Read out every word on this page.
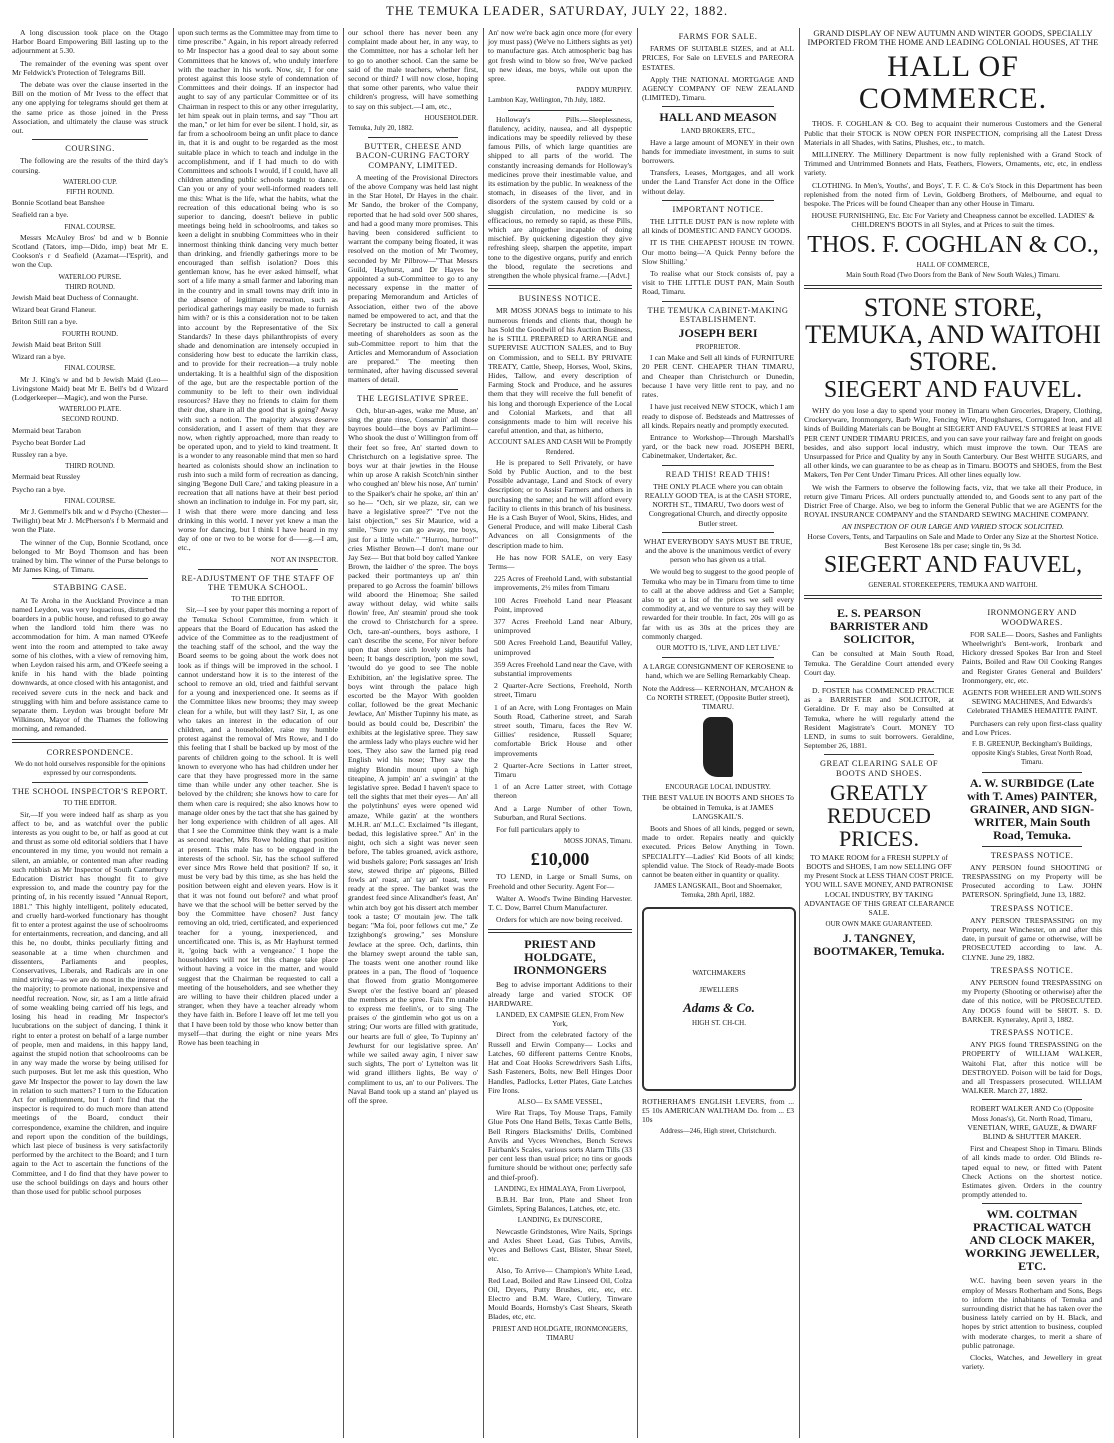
THE TEMUKA LEADER, SATURDAY, JULY 22, 1882.

A long discussion took place on the Otago Harbor Board Empowering Bill lasting up to the adjournment at 5.30.

The remainder of the evening was spent over Mr Feldwick's Protection of Telegrams Bill.

The debate was over the clause inserted in the Bill on the motion of Mr Ivess to the effect that any one applying for telegrams should get them at the same price as those joined in the Press Association, and ultimately the clause was struck out.

COURSING.

The following are the results of the third day's coursing.

WATERLOO CUP.
FIFTH ROUND.

Bonnie Scotland beat Banshee

Seafield ran a bye.

FINAL COURSE.

Messrs McAuley Bros' bd and w b Bonnie Scotland (Tators, imp—Dido, imp) beat Mr E. Cookson's r d Seafield (Azamat—l'Esprit), and won the Cup.

WATERLOO PURSE.
THIRD ROUND.

Jewish Maid beat Duchess of Connaught.

Wizard beat Grand Flaneur.

Briton Still ran a bye.

FOURTH ROUND.

Jewish Maid beat Briton Still

Wizard ran a bye.

FINAL COURSE.

Mr J. King's w and bd b Jewish Maid (Leo—Livingstone Maid) beat Mr E. Bell's bd d Wizard (Lodgerkeeper—Magic), and won the Purse.

WATERLOO PLATE.
SECOND ROUND.

Mermaid beat Tarabon

Psycho beat Border Lad

Russley ran a bye.

THIRD ROUND.

Mermaid beat Russley

Psycho ran a bye.

FINAL COURSE.

Mr J. Gemmell's blk and w d Psycho (Chester—Twilight) beat Mr J. McPherson's f b Mermaid and won the Plate.

The winner of the Cup, Bonnie Scotland, once belonged to Mr Boyd Thomson and has been trained by him. The winner of the Purse belongs to Mr James King, of Timaru.

STABBING CASE.

At Te Aroha in the Auckland Province a man named Leydon, was very loquacious, disturbed the boarders in a public house, and refused to go away when the landlord told him there was no accommodation for him. A man named O'Keefe went into the room and attempted to take away some of his clothes, with a view of removing him, when Leydon raised his arm, and O'Keefe seeing a knife in his hand with the blade pointing downwards, at once closed with his antagonist, and received severe cuts in the neck and back and struggling with him and before assistance came to separate them. Leydon was brought before Mr Wilkinson, Mayor of the Thames the following morning, and remanded.

CORRESPONDENCE.
We do not hold ourselves responsible for the opinions expressed by our correspondents.
THE SCHOOL INSPECTOR'S REPORT.
TO THE EDITOR.

Sir,—If you were indeed half as sharp as you affect to be, and as watchful over the public interests as you ought to be, or half as good at cut and thrust as some old editorial soldiers that I have encountered in my time, you would not remain a silent, an amiable, or contented man after reading such rubbish as Mr Inspector of South Canterbury Education District has thought fit to give expression to, and made the country pay for the printing of, in his recently issued "Annual Report, 1881." This highly intelligent, politely educated, and cruelly hard-worked functionary has thought fit to enter a protest against the use of schoolrooms for entertainments, recreation, and dancing, and all this he, no doubt, thinks peculiarly fitting and seasonable at a time when churchmen and dissenters, Parliaments and peoples, Conservatives, Liberals, and Radicals are in one mind striving—as we are do most in the interest of the majority; to promote national, inexpensive and needful recreation. Now, sir, as I am a little afraid of some weakling being carried off his legs, and losing his head in reading Mr Inspector's lucubrations on the subject of dancing, I think it right to enter a protest on behalf of a large number of people, men and maidens, in this happy land, against the stupid notion that schoolrooms can be in any way made the worse by being utilised for such purposes. But let me ask this question, Who gave Mr Inspector the power to lay down the law in relation to such matters? I turn to the Education Act for enlightenment, but I don't find that the inspector is required to do much more than attend meetings of the Board, conduct their correspondence, examine the children, and inquire and report upon the condition of the buildings, which last piece of business is very satisfactorily performed by the architect to the Board; and I turn again to the Act to ascertain the functions of the Committee, and I do find that they have power to use the school buildings on days and hours other than those used for public school purposes

upon such terms as the Committee may from time to time prescribe." Again, in his report already referred to Mr Inspector has a good deal to say about some Committees that he knows of, who unduly interfere with the teacher in his work. Now, sir, I for one protest against this loose style of condemnation of Committees and their doings. If an inspector had aught to say of any particular Committee or of its Chairman in respect to this or any other irregularity, let him speak out in plain terms, and say "Thou art the man," or let him for ever be silent. I hold, sir, as far from a schoolroom being an unfit place to dance in, that it is and ought to be regarded as the most suitable place in which to teach and indulge in the accomplishment, and if I had much to do with Committees and schools I would, if I could, have all children attending public schools taught to dance. Can you or any of your well-informed readers tell me this: What is the life, what the habits, what the recreation of this educational being who is so superior to dancing, doesn't believe in public meetings being held in schoolrooms, and takes so keen a delight in snubbing Committees who in their innermost thinking think dancing very much better than drinking, and friendly gatherings more to be encouraged than selfish isolation? Does this gentleman know, has he ever asked himself, what sort of a life many a small farmer and laboring man in the country and in small towns may drift into in the absence of legitimate recreation, such as periodical gatherings may easily be made to furnish him with? or is this a consideration not to be taken into account by the Representative of the Six Standards? In these days philanthropists of every shade and denomination are intensely occupied in considering how best to educate the larrikin class, and to provide for their recreation—a truly noble undertaking. It is a healthful sign of the disposition of the age, but are the respectable portion of the community to be left to their own individual resources? Have they no friends to claim for them their due, share in all the good that is going? Away with such a notion. The majority always deserve consideration, and I assert of them that they are now, when rightly approached, more than ready to be operated upon, and to yield to kind treatment. It is a wonder to any reasonable mind that men so hard hearted as colonists should show an inclination to rush into such a mild form of recreation as dancing, singing 'Begone Dull Care,' and taking pleasure in a recreation that all nations have at their best period shown an inclination to indulge in. For my part, sir, I wish that there were more dancing and less drinking in this world. I never yet knew a man the worse for dancing, but I think I have heard in my day of one or two to be worse for d——g.—I am, etc.,

NOT AN INSPECTOR.
RE-ADJUSTMENT OF THE STAFF OF THE TEMUKA SCHOOL.
TO THE EDITOR.

Sir,—I see by your paper this morning a report of the Temuka School Committee, from which it appears that the Board of Education has asked the advice of the Committee as to the readjustment of the teaching staff of the school, and the way the Board seems to be going about the work does not look as if things will be improved in the school. I cannot understand how it is to the interest of the school to remove an old, tried and faithful servant for a young and inexperienced one. It seems as if the Committee likes new brooms; they may sweep clean for a while, but will they last? Sir, I, as one who takes an interest in the education of our children, and a householder, raise my humble protest against the removal of Mrs Rowe, and I do this feeling that I shall be backed up by most of the parents of children going to the school. It is well known to everyone who has had children under her care that they have progressed more in the same time than while under any other teacher. She is beloved by the children; she knows how to care for them when care is required; she also knows how to manage older ones by the tact that she has gained by her long experience with children of all ages. All that I see the Committee think they want is a male as second teacher, Mrs Rowe holding that position at present. This male has to be engaged in the interests of the school. Sir, has the school suffered ever since Mrs Rowe held that position? If so, it must be very bad by this time, as she has held the position between eight and eleven years. How is it that it was not found out before? and what proof have we that the school will be better served by the boy the Committee have chosen? Just fancy removing an old, tried, certificated, and experienced teacher for a young, inexperienced, and uncertificated one. This is, as Mr Hayhurst termed it, 'going back with a vengeance.' I hope the householders will not let this change take place without having a voice in the matter, and would suggest that the Chairman be requested to call a meeting of the householders, and see whether they are willing to have their children placed under a stranger, when they have a teacher already whom they have faith in. Before I leave off let me tell you that I have been told by those who know better than myself—that during the eight or nine years Mrs Rowe has been teaching in

our school there has never been any complaint made about her, in any way, to the Committee, nor has a scholar left her to go to another school. Can the same be said of the male teachers, whether first, second or third? I will now close, hoping that some other parents, who value their children's progress, will have something to say on this subject.—I am, etc.,

HOUSEHOLDER.
Temuka, July 20, 1882.
BUTTER, CHEESE AND BACON-CURING FACTORY COMPANY, LIMITED.

A meeting of the Provisional Directors of the above Company was held last night in the Star Hotel, Dr Hayes in the chair. Mr Sando, the broker of the Company, reported that he had sold over 500 shares, and had a good many more promises. This having been considered sufficient to warrant the company being floated, it was resolved on the motion of Mr Twomey, seconded by Mr Pilbrow—"That Messrs Guild, Hayhurst, and Dr Hayes be appointed a sub-Committee to go to any necessary expense in the matter of preparing Memorandum and Articles of Association, either two of the above named be empowered to act, and that the Secretary be instructed to call a general meeting of shareholders as soon as the sub-Committee report to him that the Articles and Memorandum of Association are prepared." The meeting then terminated, after having discussed several matters of detail.

THE LEGISLATIVE SPREE.

Och, blur-an-ages, wake me Muse, an' sing the grate rinse, Consarnin' all those bayroes bould—the boys av Parlimint— Who shook the dust o' Willington from off their feet so free, An' started down to Christchurch on a legislative spree. The boys wur at thair jewties in the House whin up arose A rakish Scotch'nin sinther who coughed an' blew his nose, An' turnin' to the Spaiker's chair he spoke, an' thin an' so he— "Och, sir we plaze, sir, can we have a legislative spree?" "I've not the laist objection," ses Sir Maurice, wid a smile, "Sure yo can go away, me boys, just for a little while." "Hurroo, hurroo!" cries Misther Brown—I don't mane our Jay Sez— But that bold boy called Yankee Brown, the laidher o' the spree. The boys packed their portmanteys up an' thin prepared to go Across the foamin' billows wild aboord the Hinemoa; She sailed away without delay, wid white sails flowin' free, An' steamin' proud she took the crowd to Christchurch for a spree. Och, tare-an'-ounthers, boys asthore, I can't describe the scene, For niver before upon that shore sich lovely sights had been; It bangs description, 'pon me sowl, 'twould do ye good to see The noble Exhibition, an' the legislative spree. The boys wint through the palace high escorted be the Mayor With goolden collar, followed be the great Mechanic Jewlace, An' Misther Tupinny his mate, as bould as bould could be, Describin' the exhibits at the legislative spree. They saw the armless lady who plays euchre wid her toes, They also saw the larned pig read English wid his nose; They saw the mighty Blondin mount upon a high titeapine, A jumpin' an' a swingin' at the legislative spree. Bedad I haven't space to tell the sights that met their eyes— An' all the polytinhuns' eyes were opened wid amaze, While gazin' at the wonthers M.H.R. an' M.L.C. Exclaimed "Is illegant, bedad, this legislative spree." An' in the night, och sich a sight was never seen before, The tables groaned, avick asthore, wid bushels galore; Pork sassages an' Irish stew, stewed thripe an' pigeons, Billed fowls an' roast, an' tay an' toast, were ready at the spree. The banket was the grandest feed since Alixandher's feast, An' whin atch boy got his dissert atch member took a taste; O' moutain jew. The talk began: "Ma foi, poor fellows cut me," Ze Izzighbong's growing," ses Monslure Jewlace at the spree. Och, darlints, thin the blarney swept around the table san, The toasts went one another round like pratees in a pan, The flood of 'loquence that flowed from gratio Montgomeree Swept o'er the festive board an' pleased the members at the spree. Faix I'm unable to express me feelin's, or to sing The praises o' the gintlemin who got us on a string; Our worts are filled with gratitude, our hearts are full o' glee, To Tupinny an' Jewhurst for our legislative spree. An' while we sailed away agin, I niver saw such sights, The port o' Lyttelton was lit wid grand illithers lights, Be way o' compliment to us, an' to our Polivers. The Naval Band took up a stand an' played us off the spree.

An' now we're back agin once more (for every joy must pass) (We've no Litthers sights as yet) to manufacture gas. Atch atmospheric bag has got fresh wind to blow so free, We've packed up new ideas, me boys, while out upon the spree.

PADDY MURPHY.
Lambton Kay, Wellington, 7th July, 1882.

Holloway's Pills.—Sleeplessness, flatulency, acidity, nausea, and all dyspeptic indications may be speedily relieved by these famous Pills, of which large quantities are shipped to all parts of the world. The constantly increasing demands for Holloway's medicines prove their inestimable value, and its estimation by the public. In weakness of the stomach, in diseases of the liver, and in disorders of the system caused by cold or a sluggish circulation, no medicine is so efficacious, no remedy so rapid, as these Pills, which are altogether incapable of doing mischief. By quickening digestion they give refreshing sleep, sharpen the appetite, impart tone to the digestive organs, purify and enrich the blood, regulate the secretions and strengthen the whole physical frame.—[Advt.]

BUSINESS NOTICE.

MR MOSS JONAS begs to intimate to his numerous friends and clients that, though he has Sold the Goodwill of his Auction Business, he is STILL PREPARED to ARRANGE and SUPERVISE AUCTION SALES, and to Buy on Commission, and to SELL BY PRIVATE TREATY, Cattle, Sheep, Horses, Wool, Skins, Hides, Tallow, and every description of Farming Stock and Produce, and he assures them that they will receive the full benefit of his long and thorough Experience of the Local and Colonial Markets, and that all consignments made to him will receive his careful attention, and that, as hitherto,

ACCOUNT SALES AND CASH Will be Promptly Rendered.

He is prepared to Sell Privately, or have Sold by Public Auction, and to the best Possible advantage, Land and Stock of every description; or to Assist Farmers and others in purchasing the same; and he will afford every facility to clients in this branch of his business. He is a Cash Buyer of Wool, Skins, Hides, and General Produce, and will make Liberal Cash Advances on all Consignments of the description made to him.

He has now FOR SALE, on very Easy Terms—

225 Acres of Freehold Land, with substantial improvements, 2½ miles from Timaru

100 Acres Freehold Land near Pleasant Point, improved

377 Acres Freehold Land near Albury, unimproved

500 Acres Freehold Land, Beautiful Valley, unimproved

359 Acres Freehold Land near the Cave, with substantial improvements

2 Quarter-Acre Sections, Freehold, North street, Timaru

1 of an Acre, with Long Frontages on Main South Road, Catherine street, and Sarah street south, Timaru, faces the Rev W. Gillies' residence, Russell Square; comfortable Brick House and other improvements

2 Quarter-Acre Sections in Latter street, Timaru

1 of an Acre Latter street, with Cottage thereon

And a Large Number of other Town, Suburban, and Rural Sections.

For full particulars apply to

MOSS JONAS, Timaru.
£10,000

TO LEND, in Large or Small Sums, on Freehold and other Security. Agent For—

Walter A. Wood's Twine Binding Harvester. T. C. Dow, Barrel Churn Manufacturer.

Orders for which are now being received.

PRIEST AND HOLDGATE, IRONMONGERS

Beg to advise important Additions to their already large and varied STOCK OF HARDWARE.

LANDED, EX CAMPSIE GLEN, From New York,

Direct from the celebrated factory of the Russell and Erwin Company— Locks and Latches, 60 different patterns Centre Knobs, Hat and Coat Hooks Screwdrivers Sash Lifts, Sash Fasteners, Bolts, new Bell Hinges Door Handles, Padlocks, Letter Plates, Gate Latches Fire Irons.

ALSO— Ex SAME VESSEL,

Wire Rat Traps, Toy Mouse Traps, Family Glue Pots One Hand Bells, Texas Cattle Bells, Bell Ringers Blacksmiths' Drills, Combined Anvils and Vyces Wrenches, Bench Screws Fairbank's Scales, various sorts Alarm Tills (33 per cent less than usual price; no tins or goods furniture should be without one; perfectly safe and thief-proof).

LANDING, Ex HIMALAYA, From Liverpool,

B.B.H. Bar Iron, Plate and Sheet Iron Gimlets, Spring Balances, Latches, etc, etc.

LANDING, Ex DUNSCORE,

Newcastle Grindstones, Wire Nails, Springs and Axles Sheet Lead, Gas Tubes, Anvils, Vyces and Bellows Cast, Blister, Shear Steel, etc.

Also, To Arrive— Champion's White Lead, Red Lead, Boiled and Raw Linseed Oil, Colza Oil, Dryers, Putty Brushes, etc, etc, etc. Electro and B.M. Ware, Cutlery, Tinware Mould Boards, Hornsby's Cast Shears, Skeath Blades, etc, etc.

PRIEST AND HOLDGATE, IRONMONGERS, TIMARU
FARMS FOR SALE.

FARMS OF SUITABLE SIZES, and at ALL PRICES, For Sale on LEVELS and PAREORA ESTATES.

Apply THE NATIONAL MORTGAGE AND AGENCY COMPANY OF NEW ZEALAND (LIMITED), Timaru.

HALL AND MEASON
LAND BROKERS, ETC.,

Have a large amount of MONEY in their own hands for immediate investment, in sums to suit borrowers.

Transfers, Leases, Mortgages, and all work under the Land Transfer Act done in the Office without delay.

IMPORTANT NOTICE.

THE LITTLE DUST PAN is now replete with all kinds of DOMESTIC AND FANCY GOODS.

IT IS THE CHEAPEST HOUSE IN TOWN. Our motto being—'A Quick Penny before the Slow Shilling.'

To realise what our Stock consists of, pay a visit to THE LITTLE DUST PAN, Main South Road, Timaru.

THE TEMUKA CABINET-MAKING ESTABLISHMENT.
JOSEPH BERI
PROPRIETOR.

I can Make and Sell all kinds of FURNITURE 20 PER CENT. CHEAPER THAN TIMARU, and Cheaper than Christchurch or Dunedin, because I have very little rent to pay, and no rates.

I have just received NEW STOCK, which I am ready to dispose of. Bedsteads and Mattresses of all kinds. Repairs neatly and promptly executed.

Entrance to Workshop—Through Marshall's yard, or the back new road. JOSEPH BERI, Cabinetmaker, Undertaker, &c.

READ THIS! READ THIS!

THE ONLY PLACE where you can obtain REALLY GOOD TEA, is at the CASH STORE, NORTH ST., TIMARU, Two doors west of Congregational Church, and directly opposite Butler street.

WHAT EVERYBODY SAYS MUST BE TRUE, and the above is the unanimous verdict of every person who has given us a trial.

We would beg to suggest to the good people of Temuka who may be in Timaru from time to time to call at the above address and Get a Sample; also to get a list of the prices we sell every commodity at, and we venture to say they will be rewarded for their trouble. In fact, 20s will go as far with us as 30s at the prices they are commonly charged.

OUR MOTTO IS, 'LIVE, AND LET LIVE.'

A LARGE CONSIGNMENT OF KEROSENE to hand, which we are Selling Remarkably Cheap.

Note the Address— KERNOHAN, M'CAHON & Co NORTH STREET, (Opposite Butler street), TIMARU.

ENCOURAGE LOCAL INDUSTRY.

THE BEST VALUE IN BOOTS AND SHOES To be obtained in Temuka, is at JAMES LANGSKAIL'S.

Boots and Shoes of all kinds, pegged or sewn, made to order. Repairs neatly and quickly executed. Prices Below Anything in Town. SPECIALITY—Ladies' Kid Boots of all kinds; splendid value. The Stock of Ready-made Boots cannot be beaten either in quantity or quality.

JAMES LANGSKAIL, Boot and Shoemaker, Temuka, 28th April, 1882.
WATCHMAKERS
JEWELLERS
Adams & Co.
HIGH ST. CH-CH.

ROTHERHAM'S ENGLISH LEVERS, from ... £5 10s AMERICAN WALTHAM Do. from ... £3 10s

Address—246, High street, Christchurch.
GRAND DISPLAY OF NEW AUTUMN AND WINTER GOODS, SPECIALLY IMPORTED FROM THE HOME AND LEADING COLONIAL HOUSES, AT THE
HALL OF COMMERCE.

THOS. F. COGHLAN & CO. Beg to acquaint their numerous Customers and the General Public that their STOCK is NOW OPEN FOR INSPECTION, comprising all the Latest Dress Materials in all Shades, with Satins, Plushes, etc., to match.

MILLINERY. The Millinery Department is now fully replenished with a Grand Stock of Trimmed and Untrimmed Bonnets and Hats, Feathers, Flowers, Ornaments, etc, etc, in endless variety.

CLOTHING. In Men's, Youths', and Boys', T. F. C. & Co's Stock in this Department has been replenished from the noted firm of Levin, Goldberg Brothers, of Melbourne, and equal to bespoke. The Prices will be found Cheaper than any other House in Timaru.

HOUSE FURNISHING, Etc. Etc For Variety and Cheapness cannot be excelled. LADIES' & CHILDREN'S BOOTS in all Styles, and at Prices to suit the times.

THOS. F. COGHLAN & CO.,
HALL OF COMMERCE,
Main South Road (Two Doors from the Bank of New South Wales,) Timaru.
STONE STORE, TEMUKA, AND WAITOHI STORE.
SIEGERT AND FAUVEL.

WHY do you lose a day to spend your money in Timaru when Groceries, Drapery, Clothing, Crockeryware, Ironmongery, Barb Wire, Fencing Wire, Ploughshares, Corrugated Iron, and all kinds of Building Materials can be Bought at SIEGERT AND FAUVEL'S STORES at least FIVE PER CENT UNDER TIMARU PRICES, and you can save your railway fare and freight on goods besides, and also support local industry, which must improve the town. Our TEAS are Unsurpassed for Price and Quality by any in South Canterbury. Our Best WHITE SUGARS, and all other kinds, we can guarantee to be as cheap as in Timaru. BOOTS and SHOES, from the Best Makers, Ten Per Cent Under Timaru Prices. All other lines equally low.

We wish the Farmers to observe the following facts, viz, that we take all their Produce, in return give Timaru Prices. All orders punctually attended to, and Goods sent to any part of the District Free of Charge. Also, we beg to inform the General Public that we are AGENTS for the ROYAL INSURANCE COMPANY and the STANDARD SEWING MACHINE COMPANY.

AN INSPECTION OF OUR LARGE AND VARIED STOCK SOLICITED.

Horse Covers, Tents, and Tarpaulins on Sale and Made to Order any Size at the Shortest Notice. Best Kerosene 18s per case; single tin, 9s 3d.

SIEGERT AND FAUVEL,
GENERAL STOREKEEPERS, TEMUKA AND WAITOHI.
E. S. PEARSON BARRISTER AND SOLICITOR,

Can be consulted at Main South Road, Temuka. The Geraldine Court attended every Court day.

D. FOSTER has COMMENCED PRACTICE as a BARRISTER and SOLICITOR, at Geraldine. Dr F. may also be Consulted at Temuka, where he will regularly attend the Resident Magistrate's Court. MONEY TO LEND, in sums to suit borrowers. Geraldine, September 26, 1881.

GREAT CLEARING SALE OF BOOTS AND SHOES.
GREATLY REDUCED PRICES.

TO MAKE ROOM for a FRESH SUPPLY of BOOTS and SHOES, I am now SELLING OFF my Present Stock at LESS THAN COST PRICE. YOU WILL SAVE MONEY, AND PATRONISE LOCAL INDUSTRY, BY TAKING ADVANTAGE OF THIS GREAT CLEARANCE SALE.

OUR OWN MAKE GUARANTEED.
J. TANGNEY, BOOTMAKER, Temuka.
IRONMONGERY AND WOODWARES.

FOR SALE— Doors, Sashes and Fanlights Wheelwright's Bent-work, Ironbark and Hickory dressed Spokes Bar Iron and Steel Paints, Boiled and Raw Oil Cooking Ranges and Register Grates General and Builders' Ironmongery, etc, etc.

AGENTS FOR WHEELER AND WILSON'S SEWING MACHINES, And Edwards's Celebrated THAMES HEMATITE PAINT.

Purchasers can rely upon first-class quality and Low Prices.

F. B. GREENUP, Beckingham's Buildings, opposite King's Stables, Great North Road, Timaru.
A. W. SURBIDGE (Late with T. Ames) PAINTER, GRAINER, AND SIGN-WRITER, Main South Road, Temuka.
TRESPASS NOTICE.

ANY PERSON found SHOOTING or TRESPASSING on my Property will be Prosecuted according to Law. JOHN PATERSON. Springfield, June 13, 1882.

TRESPASS NOTICE.

ANY PERSON TRESPASSING on my Property, near Winchester, on and after this date, in pursuit of game or otherwise, will be PROSECUTED according to law. A. CLYNE. June 29, 1882.

TRESPASS NOTICE.

ANY PERSON found TRESPASSING on my Property (Shooting or otherwise) after the date of this notice, will be PROSECUTED. Any DOGS found will be SHOT. S. D. BARKER. Kyneraley, April 3, 1882.

TRESPASS NOTICE.

ANY PIGS found TRESPASSING on the PROPERTY of WILLIAM WALKER, Waitohi Flat, after this notice will be DESTROYED. Poison will be laid for Dogs, and all Trespassers prosecuted. WILLIAM WALKER. March 27, 1882.

ROBERT WALKER AND Co (Opposite Moss Jonas's), Gt. North Road, Timaru, VENETIAN, WIRE, GAUZE, & DWARF BLIND & SHUTTER MAKER.

First and Cheapest Shop in Timaru. Blinds of all kinds made to order. Old Blinds re-taped equal to new, or fitted with Patent Check Actions on the shortest notice. Estimates given. Orders in the country promptly attended to.

WM. COLTMAN PRACTICAL WATCH AND CLOCK MAKER, WORKING JEWELLER, ETC.

W.C. having been seven years in the employ of Messrs Rotherham and Sons, Begs to inform the inhabitants of Temuka and surrounding district that he has taken over the business lately carried on by H. Black, and hopes by strict attention to business, coupled with moderate charges, to merit a share of public patronage.

Clocks, Watches, and Jewellery in great variety.
